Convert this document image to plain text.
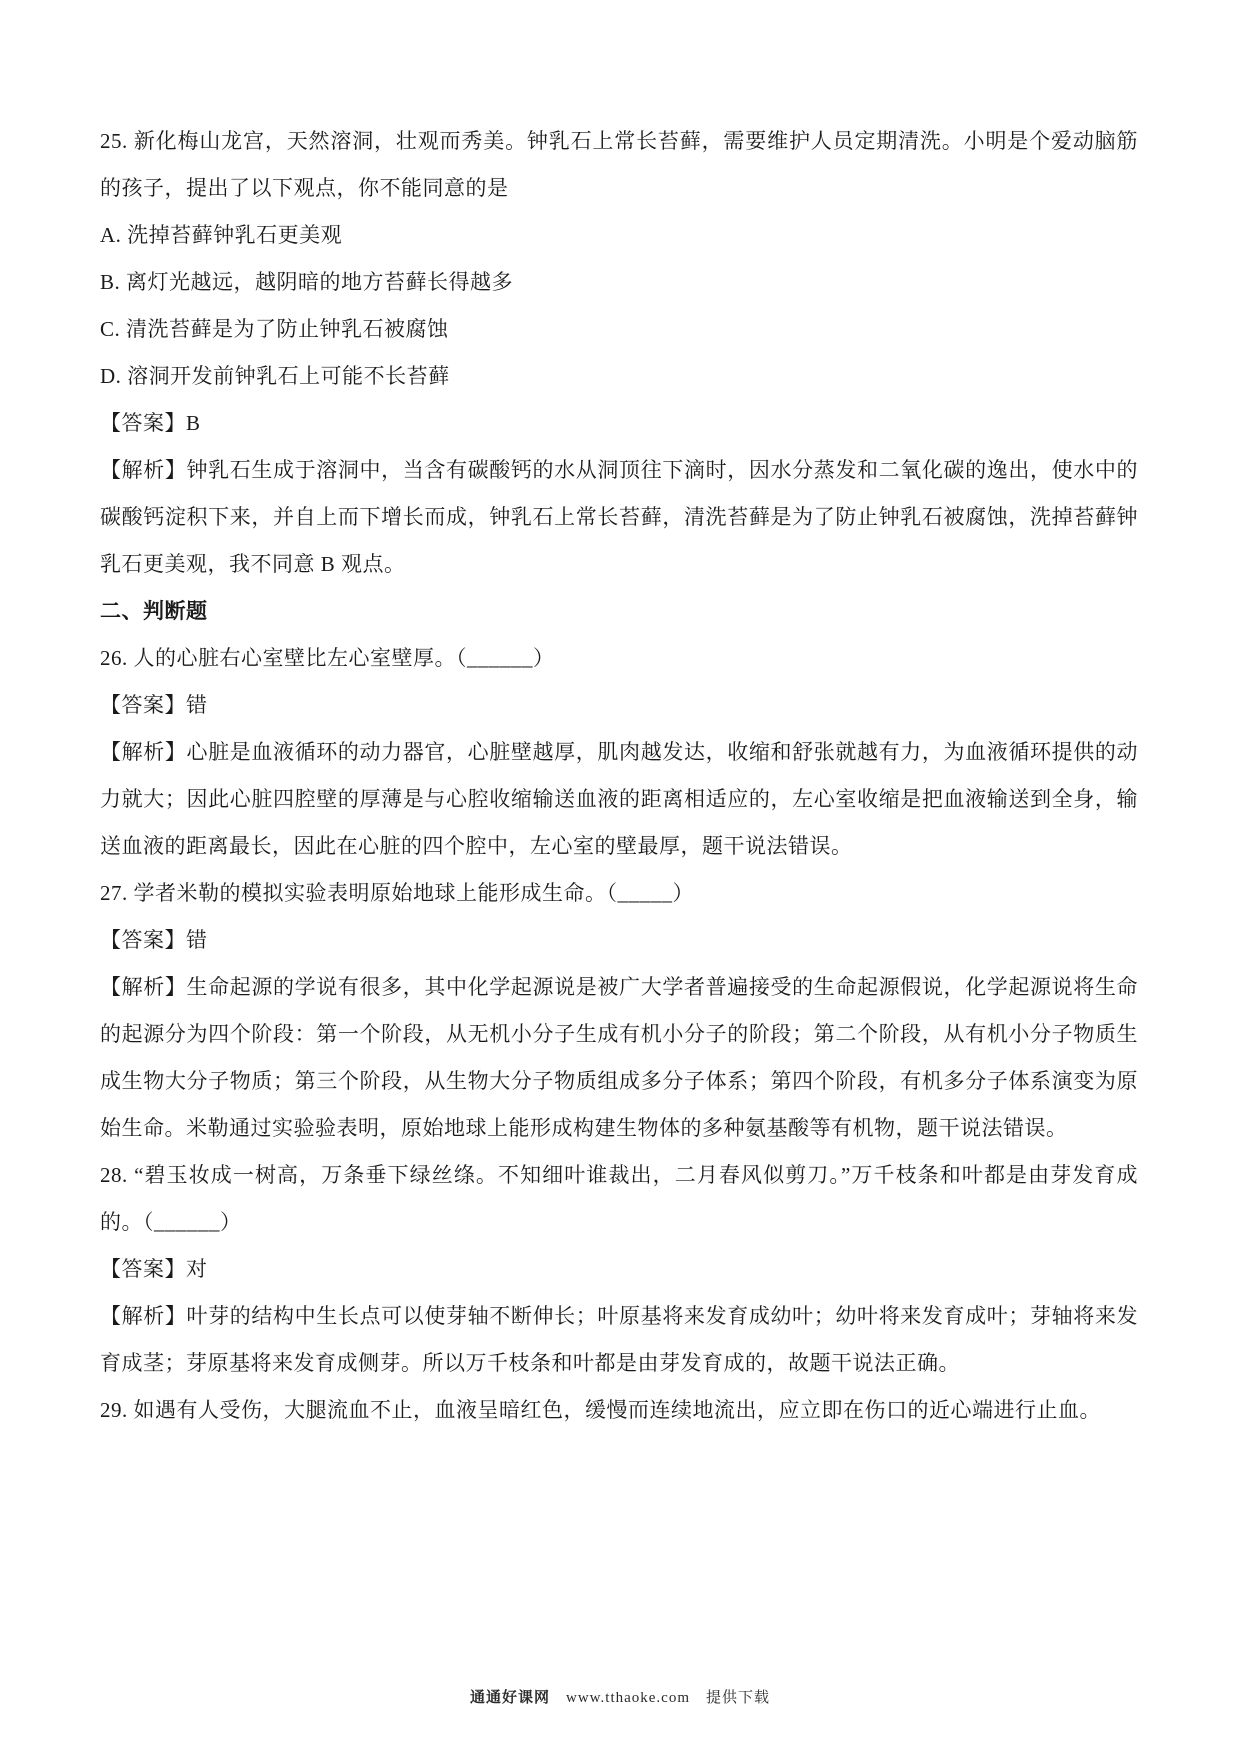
25. 新化梅山龙宫，天然溶洞，壮观而秀美。钟乳石上常长苔藓，需要维护人员定期清洗。小明是个爱动脑筋的孩子，提出了以下观点，你不能同意的是

A. 洗掉苔藓钟乳石更美观

B. 离灯光越远，越阴暗的地方苔藓长得越多

C. 清洗苔藓是为了防止钟乳石被腐蚀

D. 溶洞开发前钟乳石上可能不长苔藓

【答案】B

【解析】钟乳石生成于溶洞中，当含有碳酸钙的水从洞顶往下滴时，因水分蒸发和二氧化碳的逸出，使水中的碳酸钙淀积下来，并自上而下增长而成，钟乳石上常长苔藓，清洗苔藓是为了防止钟乳石被腐蚀，洗掉苔藓钟乳石更美观，我不同意 B 观点。

二、判断题

26. 人的心脏右心室壁比左心室壁厚。（______）

【答案】错

【解析】心脏是血液循环的动力器官，心脏壁越厚，肌肉越发达，收缩和舒张就越有力，为血液循环提供的动力就大；因此心脏四腔壁的厚薄是与心腔收缩输送血液的距离相适应的，左心室收缩是把血液输送到全身，输送血液的距离最长，因此在心脏的四个腔中，左心室的壁最厚，题干说法错误。

27. 学者米勒的模拟实验表明原始地球上能形成生命。（_____）

【答案】错

【解析】生命起源的学说有很多，其中化学起源说是被广大学者普遍接受的生命起源假说，化学起源说将生命的起源分为四个阶段：第一个阶段，从无机小分子生成有机小分子的阶段；第二个阶段，从有机小分子物质生成生物大分子物质；第三个阶段，从生物大分子物质组成多分子体系；第四个阶段，有机多分子体系演变为原始生命。米勒通过实验验表明，原始地球上能形成构建生物体的多种氨基酸等有机物，题干说法错误。

28. “碧玉妆成一树高，万条垂下绿丝绦。不知细叶谁裁出，二月春风似剪刀。”万千枝条和叶都是由芽发育成的。（______）

【答案】对

【解析】叶芽的结构中生长点可以使芽轴不断伸长；叶原基将来发育成幼叶；幼叶将来发育成叶；芽轴将来发育成茎；芽原基将来发育成侧芽。所以万千枝条和叶都是由芽发育成的，故题干说法正确。

29. 如遇有人受伤，大腿流血不止，血液呈暗红色，缓慢而连续地流出，应立即在伤口的近心端进行止血。

通通好课网 www.tthaoke.com 提供下载
